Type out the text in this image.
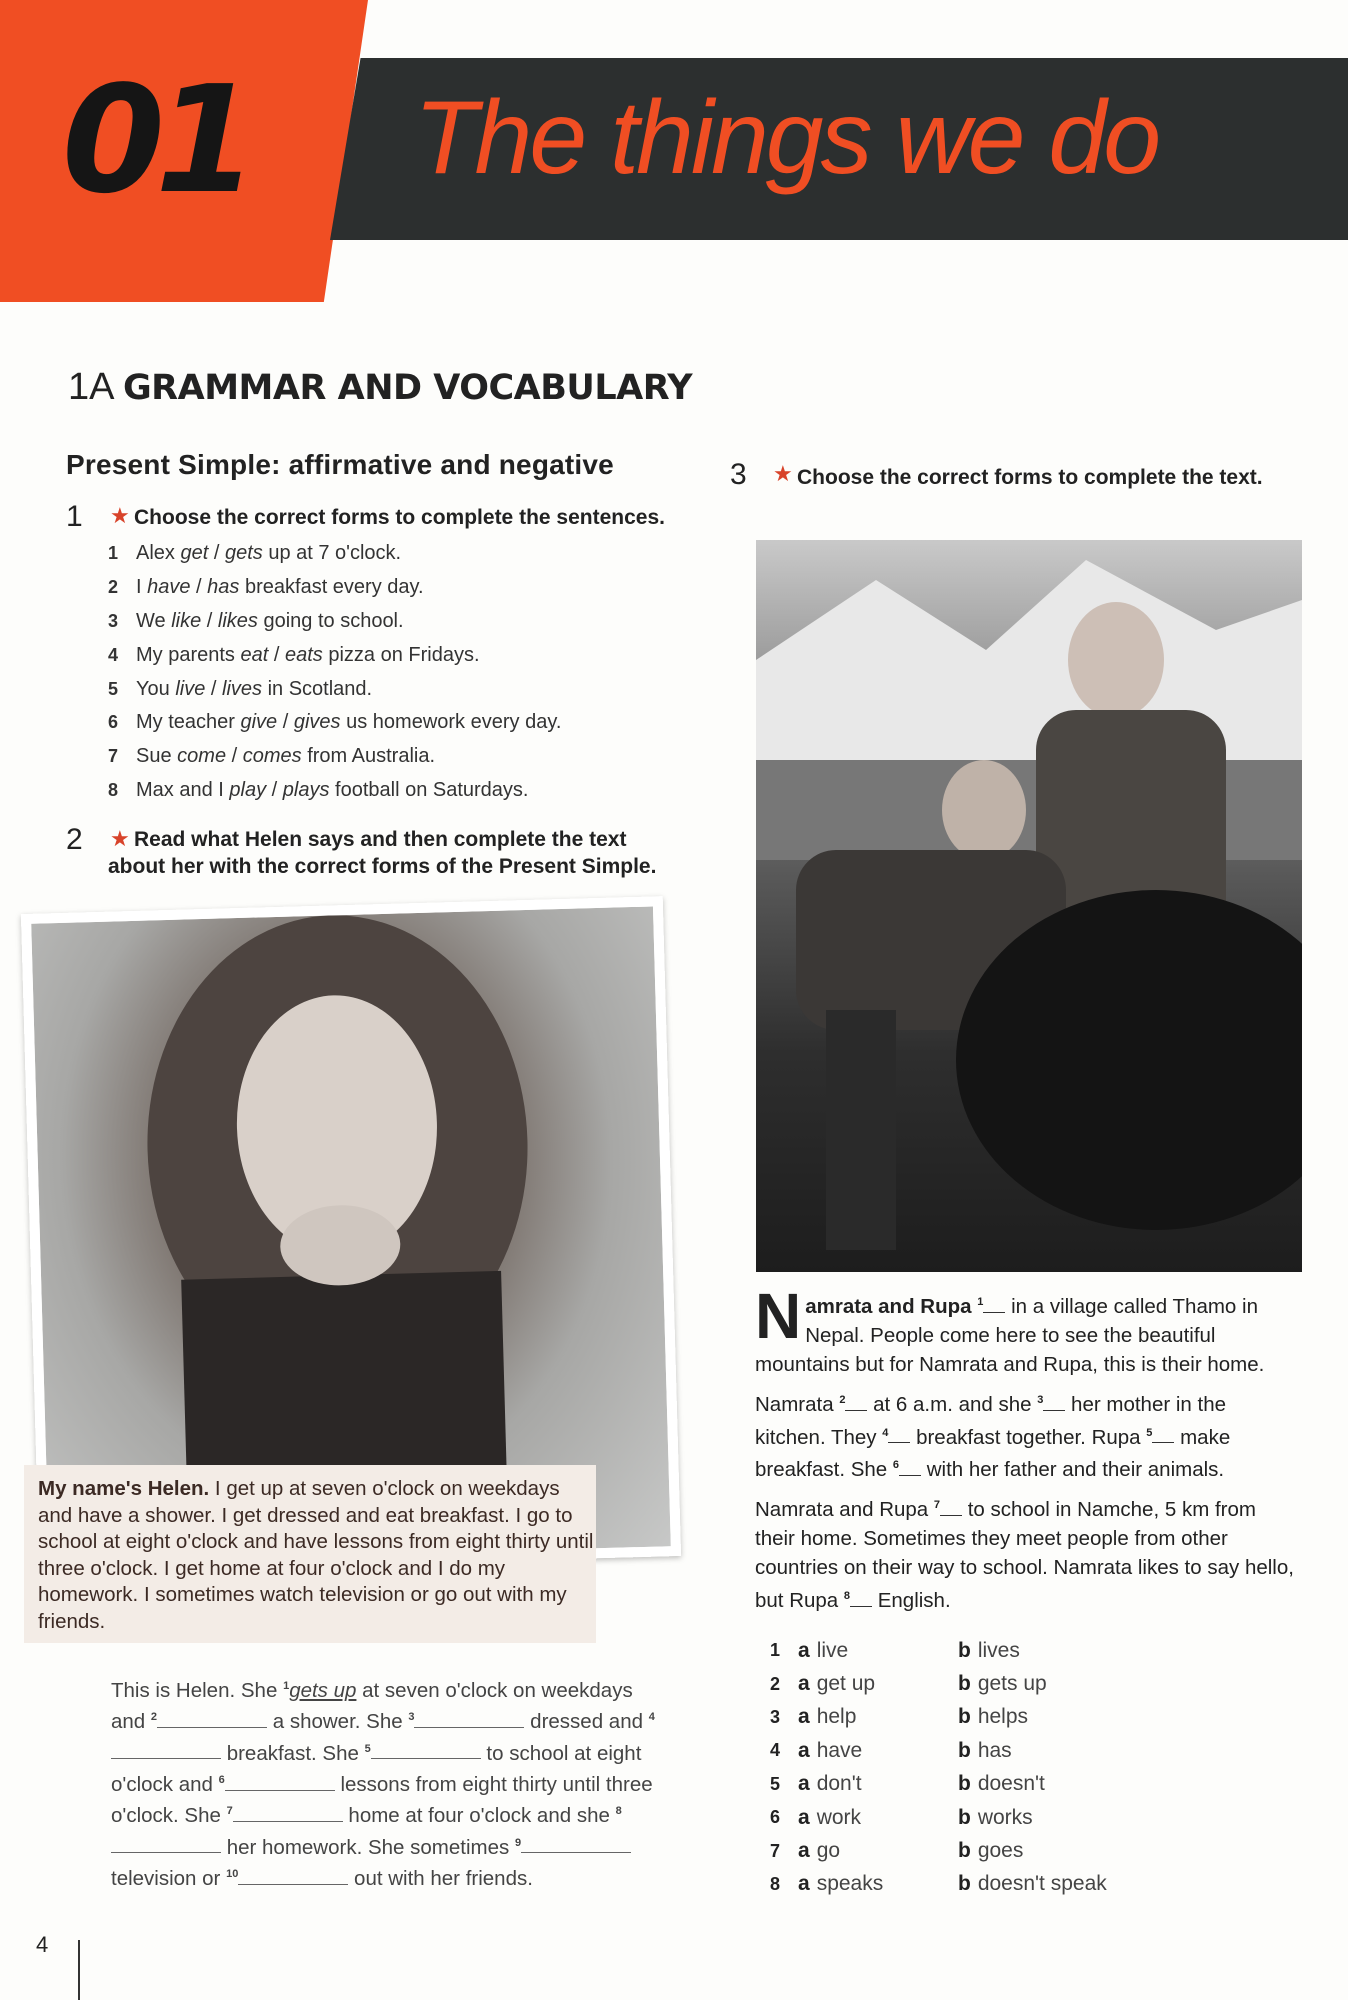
01 The things we do
1A GRAMMAR AND VOCABULARY
Present Simple: affirmative and negative
1 ★ Choose the correct forms to complete the sentences.
1 Alex get / gets up at 7 o'clock.
2 I have / has breakfast every day.
3 We like / likes going to school.
4 My parents eat / eats pizza on Fridays.
5 You live / lives in Scotland.
6 My teacher give / gives us homework every day.
7 Sue come / comes from Australia.
8 Max and I play / plays football on Saturdays.
2 ★ Read what Helen says and then complete the text
about her with the correct forms of the Present Simple.
My name's Helen. I get up at seven o'clock on weekdays and have a shower. I get dressed and eat breakfast. I go to school at eight o'clock and have lessons from eight thirty until three o'clock. I get home at four o'clock and I do my homework. I sometimes watch television or go out with my friends.
This is Helen. She $^1$gets up at seven o'clock on weekdays and $^2$	a shower. She $^3$	dressed and $^4$ breakfast. She $^5$	to school at eight o'clock and $^6$	lessons from eight thirty until three o'clock. She $^7$	home at four o'clock and she $^8$ her homework. She sometimes $^9$ television or $^{10}$	out with her friends.
3 ★ Choose the correct forms to complete the text.

Namrata and Rupa $^1$ in a village called Thamo in Nepal. People come here to see the beautiful mountains but for Namrata and Rupa, this is their home.

Namrata $^2$ at 6 a.m. and she $^3$ her mother in the kitchen. They $^4$ breakfast together. Rupa $^5$ make breakfast. She $^6$ with her father and their animals.

Namrata and Rupa $^7$ to school in Namche, 5 km from their home. Sometimes they meet people from other countries on their way to school. Namrata likes to say hello, but Rupa $^8$ English.

1 a live	b lives
2 a get up	b gets up
3 a help	b helps
4 a have	b has
5 a don't	b doesn't
6 a work	b works
7 a go	b goes
8 a speaks	b doesn't speak
4
